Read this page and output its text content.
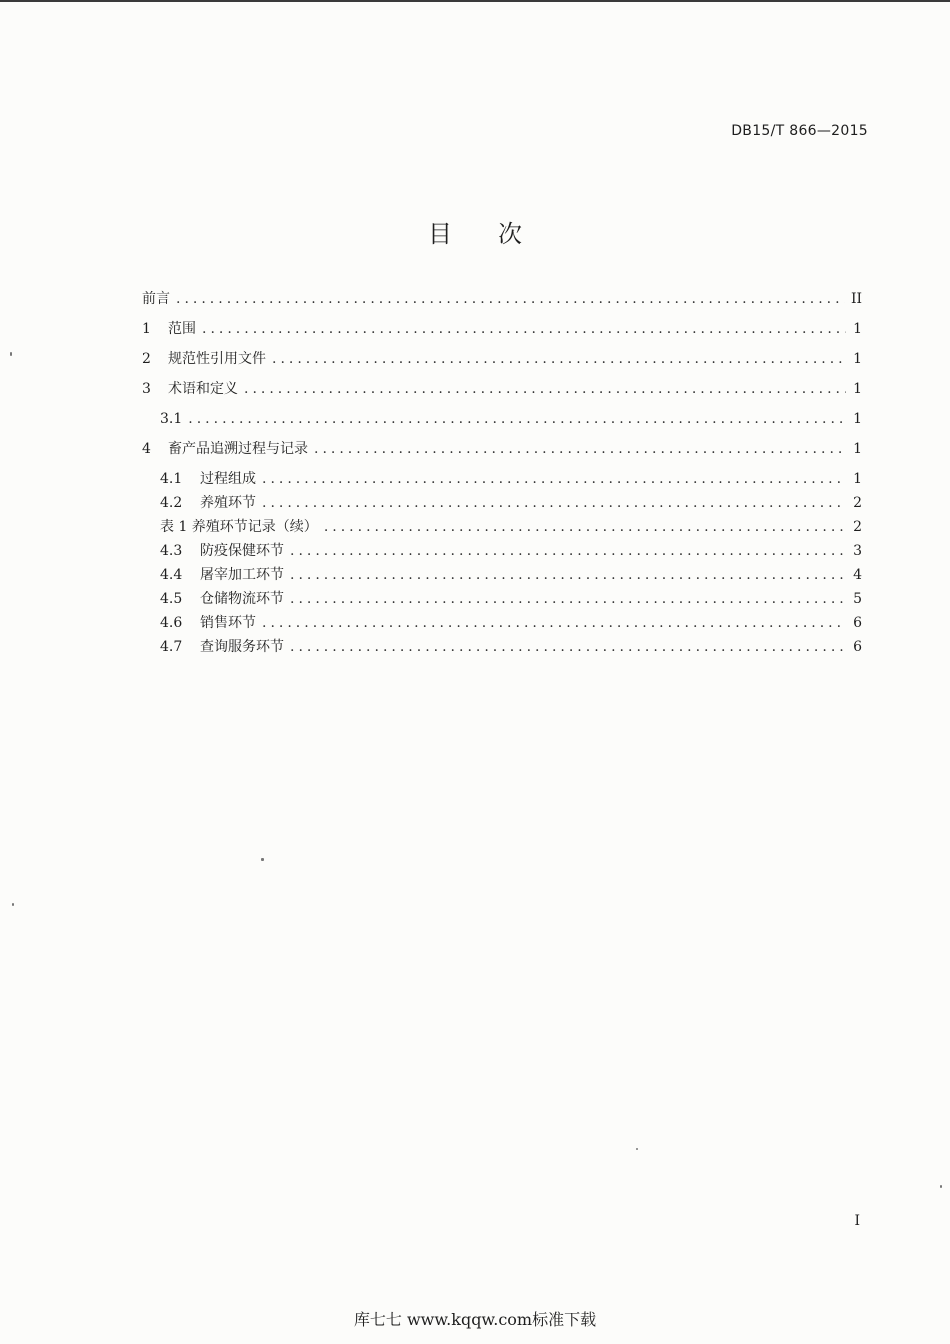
DB15/T 866—2015
目 次
前言 .....	II
1	范围 .....	1
2	规范性引用文件 .....	1
3	术语和定义 .....	1
3.1 .....	1
4	畜产品追溯过程与记录 .....	1
4.1	过程组成 .....	1
4.2	养殖环节 .....	2
表 1 养殖环节记录（续） .....	2
4.3	防疫保健环节 .....	3
4.4	屠宰加工环节 .....	4
4.5	仓储物流环节 .....	5
4.6	销售环节 .....	6
4.7	查询服务环节 .....	6
I
库七七 www.kqqw.com标准下载
